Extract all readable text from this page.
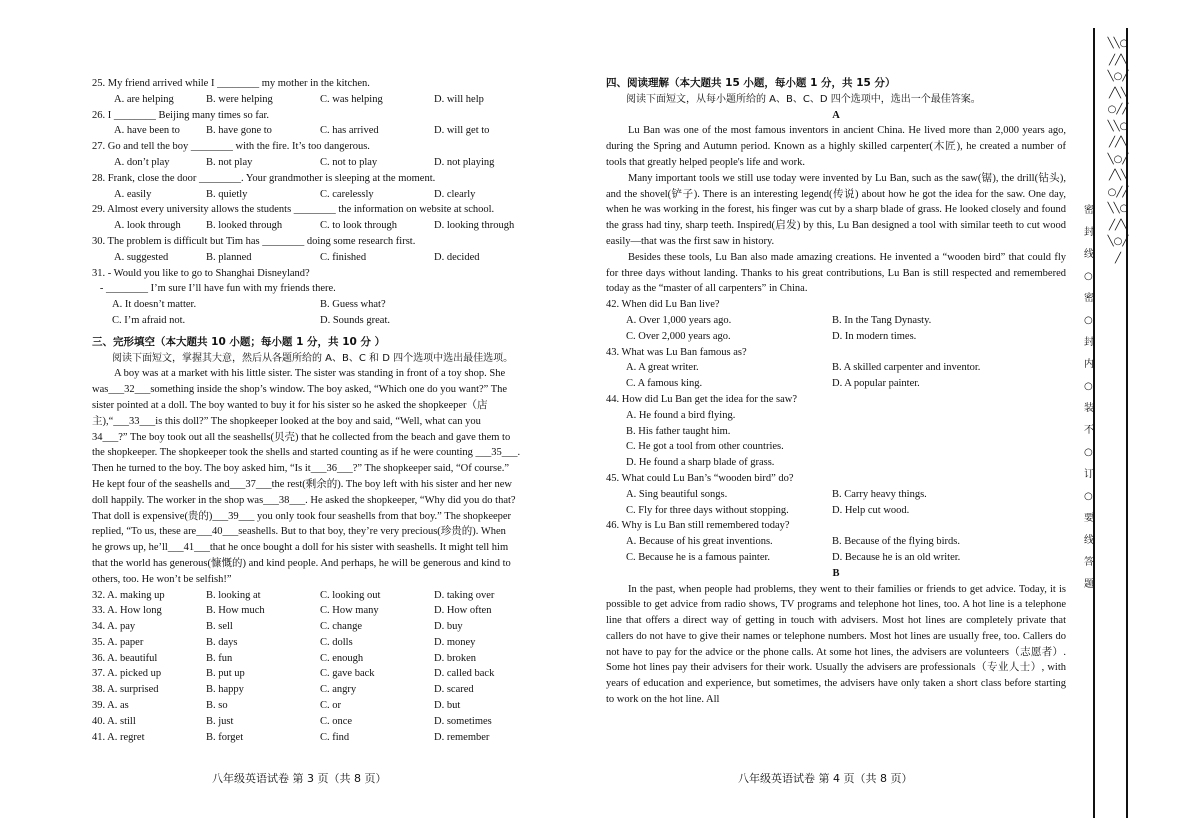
25. My friend arrived while I ________ my mother in the kitchen.

A. are helping	B. were helping	C. was helping	D. will help

26. I ________ Beijing many times so far.

A. have been to	B. have gone to	C. has arrived	D. will get to

27. Go and tell the boy ________ with the fire. It’s too dangerous.

A. don’t play	B. not play	C. not to play	D. not playing

28. Frank, close the door ________. Your grandmother is sleeping at the moment.

A. easily	B. quietly	C. carelessly	D. clearly

29. Almost every university allows the students ________ the information on website at school.

A. look through	B. looked through	C. to look through	D. looking through

30. The problem is difficult but Tim has ________ doing some research first.

A. suggested	B. planned	C. finished	D. decided

31. - Would you like to go to Shanghai Disneyland?

- ________ I’m sure I’ll have fun with my friends there.

A. It doesn’t matter.	B. Guess what?
C. I’m afraid not.	D. Sounds great.
三、完形填空（本大题共 10 小题；每小题 1 分，共 10 分 ）
阅读下面短文，掌握其大意，然后从各题所给的 A、B、C 和 D 四个选项中选出最佳选项。
A boy was at a market with his little sister. The sister was standing in front of a toy shop. She
was___32___something inside the shop’s window. The boy asked, “Which one do you want?” The
sister pointed at a doll. The boy wanted to buy it for his sister so he asked the shopkeeper（店
主),“___33___is this doll?” The shopkeeper looked at the boy and said, “Well, what can you
34___?” The boy took out all the seashells(贝壳) that he collected from the beach and gave them to
the shopkeeper. The shopkeeper took the shells and started counting as if he were counting ___35___.
Then he turned to the boy. The boy asked him, “Is it___36___?” The shopkeeper said, “Of course.”
He kept four of the seashells and___37___the rest(剩余的). The boy left with his sister and her new
doll happily. The worker in the shop was___38___. He asked the shopkeeper, “Why did you do that?
That doll is expensive(贵的)___39___ you only took four seashells from that boy.” The shopkeeper
replied, “To us, these are___40___seashells. But to that boy, they’re very precious(珍贵的). When
he grows up, he’ll___41___that he once bought a doll for his sister with seashells. It might tell him
that the world has generous(慷慨的) and kind people. And perhaps, he will be generous and kind to
others, too. He won’t be selfish!”
32. A. making up	B. looking at	C. looking out	D. taking over
33. A. How long	B. How much	C. How many	D. How often
34. A. pay	B. sell	C. change	D. buy
35. A. paper	B. days	C. dolls	D. money
36. A. beautiful	B. fun	C. enough	D. broken
37. A. picked up	B. put up	C. gave back	D. called back
38. A. surprised	B. happy	C. angry	D. scared
39. A. as	B. so	C. or	D. but
40. A. still	B. just	C. once	D. sometimes
41. A. regret	B. forget	C. find	D. remember
四、阅读理解（本大题共 15 小题，每小题 1 分，共 15 分）
阅读下面短文，从每小题所给的 A、B、C、D 四个选项中，选出一个最佳答案。
A

Lu Ban was one of the most famous inventors in ancient China. He lived more than 2,000 years ago, during the Spring and Autumn period. Known as a highly skilled carpenter(木匠), he created a number of tools that greatly helped people's life and work.

Many important tools we still use today were invented by Lu Ban, such as the saw(锯), the drill(钻头), and the shovel(铲子). There is an interesting legend(传说) about how he got the idea for the saw. One day, when he was working in the forest, his finger was cut by a sharp blade of grass. He looked closely and found the grass had tiny, sharp teeth. Inspired(启发) by this, Lu Ban designed a tool with similar teeth to cut wood easily—that was the first saw in history.

Besides these tools, Lu Ban also made amazing creations. He invented a “wooden bird” that could fly for three days without landing. Thanks to his great contributions, Lu Ban is still respected and remembered today as the “master of all carpenters” in China.

42. When did Lu Ban live?

A. Over 1,000 years ago.	B. In the Tang Dynasty.
C. Over 2,000 years ago.	D. In modern times.

43. What was Lu Ban famous as?

A. A great writer.	B. A skilled carpenter and inventor.
C. A famous king.	D. A popular painter.

44. How did Lu Ban get the idea for the saw?

A. He found a bird flying.
B. His father taught him.
C. He got a tool from other countries.
D. He found a sharp blade of grass.

45. What could Lu Ban’s “wooden bird” do?

A. Sing beautiful songs.	B. Carry heavy things.
C. Fly for three days without stopping.	D. Help cut wood.

46. Why is Lu Ban still remembered today?

A. Because of his great inventions.	B. Because of the flying birds.
C. Because he is a famous painter.	D. Because he is an old writer.
B

In the past, when people had problems, they went to their families or friends to get advice. Today, it is possible to get advice from radio shows, TV programs and telephone hot lines, too. A hot line is a telephone line that offers a direct way of getting in touch with advisers. Most hot lines are completely private that callers do not have to give their names or telephone numbers. Most hot lines are usually free, too. Callers do not have to pay for the advice or the phone calls. At some hot lines, the advisers are volunteers（志愿者）. Some hot lines pay their advisers for their work. Usually the advisers are professionals（专业人士）, with years of education and experience, but sometimes, the advisers have only taken a short class before starting to work on the hot line. All

八年级英语试卷 第 3 页（共 8 页）	八年级英语试卷 第 4 页（共 8 页）
╲╲○╱╱╲╲○╱╱╲╲○╱╱╲╲○╱╱╲╲○╱╱╲╲○╱╱╲╲○╱╱╲╲○╱╱
密
封
线
○
密
○
封
内
○
装
不
○
订
○
要
线
答
题
